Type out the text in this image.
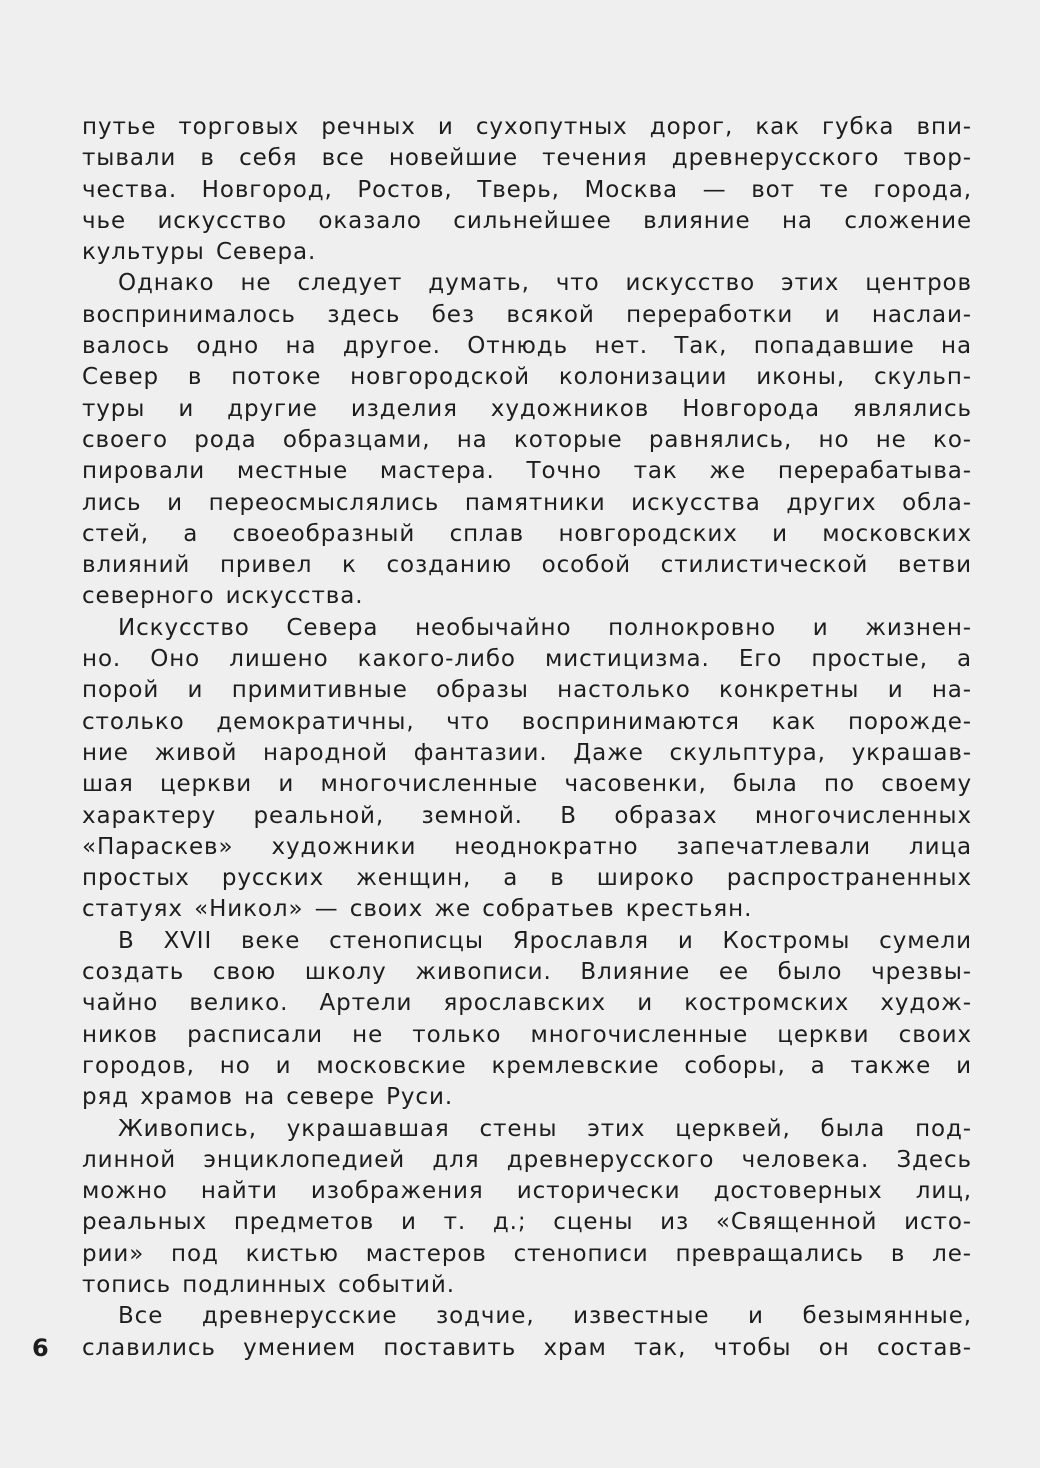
путье торговых речных и сухопутных дорог, как губка впи-
тывали в себя все новейшие течения древнерусского твор-
чества. Новгород, Ростов, Тверь, Москва — вот те города,
чье искусство оказало сильнейшее влияние на сложение
культуры Севера.
Однако не следует думать, что искусство этих центров
воспринималось здесь без всякой переработки и наслаи-
валось одно на другое. Отнюдь нет. Так, попадавшие на
Север в потоке новгородской колонизации иконы, скульп-
туры и другие изделия художников Новгорода являлись
своего рода образцами, на которые равнялись, но не ко-
пировали местные мастера. Точно так же перерабатыва-
лись и переосмыслялись памятники искусства других обла-
стей, а своеобразный сплав новгородских и московских
влияний привел к созданию особой стилистической ветви
северного искусства.
Искусство Севера необычайно полнокровно и жизнен-
но. Оно лишено какого-либо мистицизма. Его простые, а
порой и примитивные образы настолько конкретны и на-
столько демократичны, что воспринимаются как порожде-
ние живой народной фантазии. Даже скульптура, украшав-
шая церкви и многочисленные часовенки, была по своему
характеру реальной, земной. В образах многочисленных
«Параскев» художники неоднократно запечатлевали лица
простых русских женщин, а в широко распространенных
статуях «Никол» — своих же собратьев крестьян.
В XVII веке стенописцы Ярославля и Костромы сумели
создать свою школу живописи. Влияние ее было чрезвы-
чайно велико. Артели ярославских и костромских худож-
ников расписали не только многочисленные церкви своих
городов, но и московские кремлевские соборы, а также и
ряд храмов на севере Руси.
Живопись, украшавшая стены этих церквей, была под-
линной энциклопедией для древнерусского человека. Здесь
можно найти изображения исторически достоверных лиц,
реальных предметов и т. д.; сцены из «Священной исто-
рии» под кистью мастеров стенописи превращались в ле-
топись подлинных событий.
Все древнерусские зодчие, известные и безымянные,
славились умением поставить храм так, чтобы он состав-
6
